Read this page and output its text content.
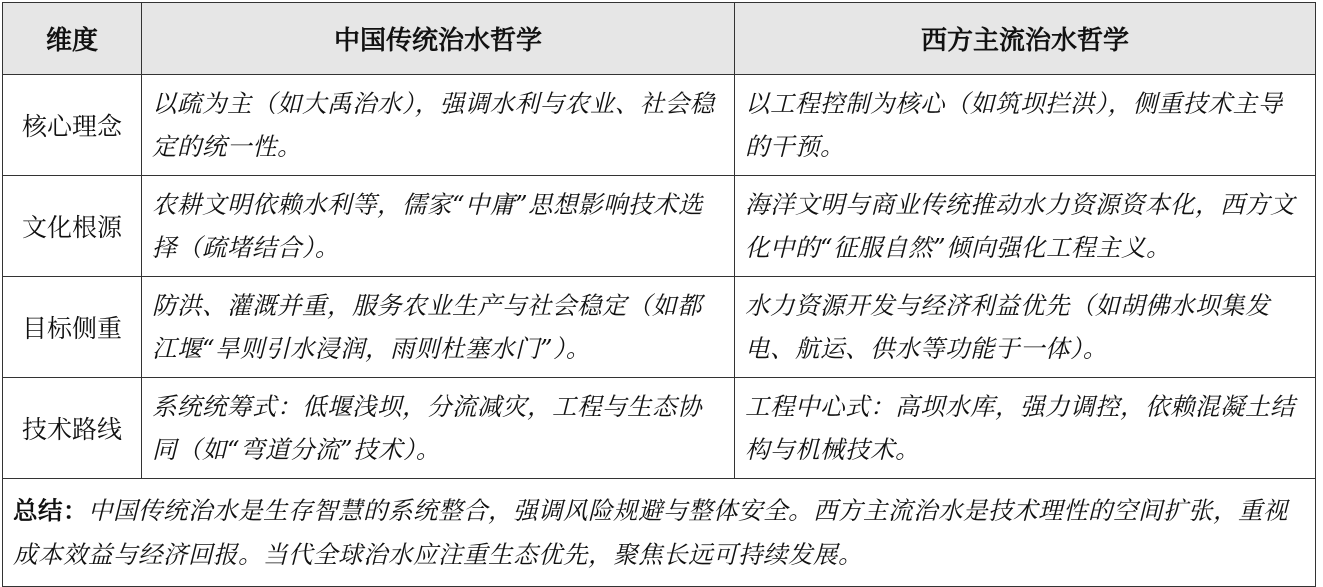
维度	中国传统治水哲学	西方主流治水哲学
核心理念	以疏为主（如大禹治水），强调水利与农业、社会稳定的统一性。	以工程控制为核心（如筑坝拦洪），侧重技术主导的干预。
文化根源	农耕文明依赖水利等，儒家“中庸”思想影响技术选择（疏堵结合）。	海洋文明与商业传统推动水力资源资本化，西方文化中的“征服自然”倾向强化工程主义。
目标侧重	防洪、灌溉并重，服务农业生产与社会稳定（如都江堰“旱则引水浸润，雨则杜塞水门”）。	水力资源开发与经济利益优先（如胡佛水坝集发电、航运、供水等功能于一体）。
技术路线	系统统筹式：低堰浅坝，分流减灾，工程与生态协同（如“弯道分流”技术）。	工程中心式：高坝水库，强力调控，依赖混凝土结构与机械技术。
总结：中国传统治水是生存智慧的系统整合，强调风险规避与整体安全。西方主流治水是技术理性的空间扩张，重视成本效益与经济回报。当代全球治水应注重生态优先，聚焦长远可持续发展。		
